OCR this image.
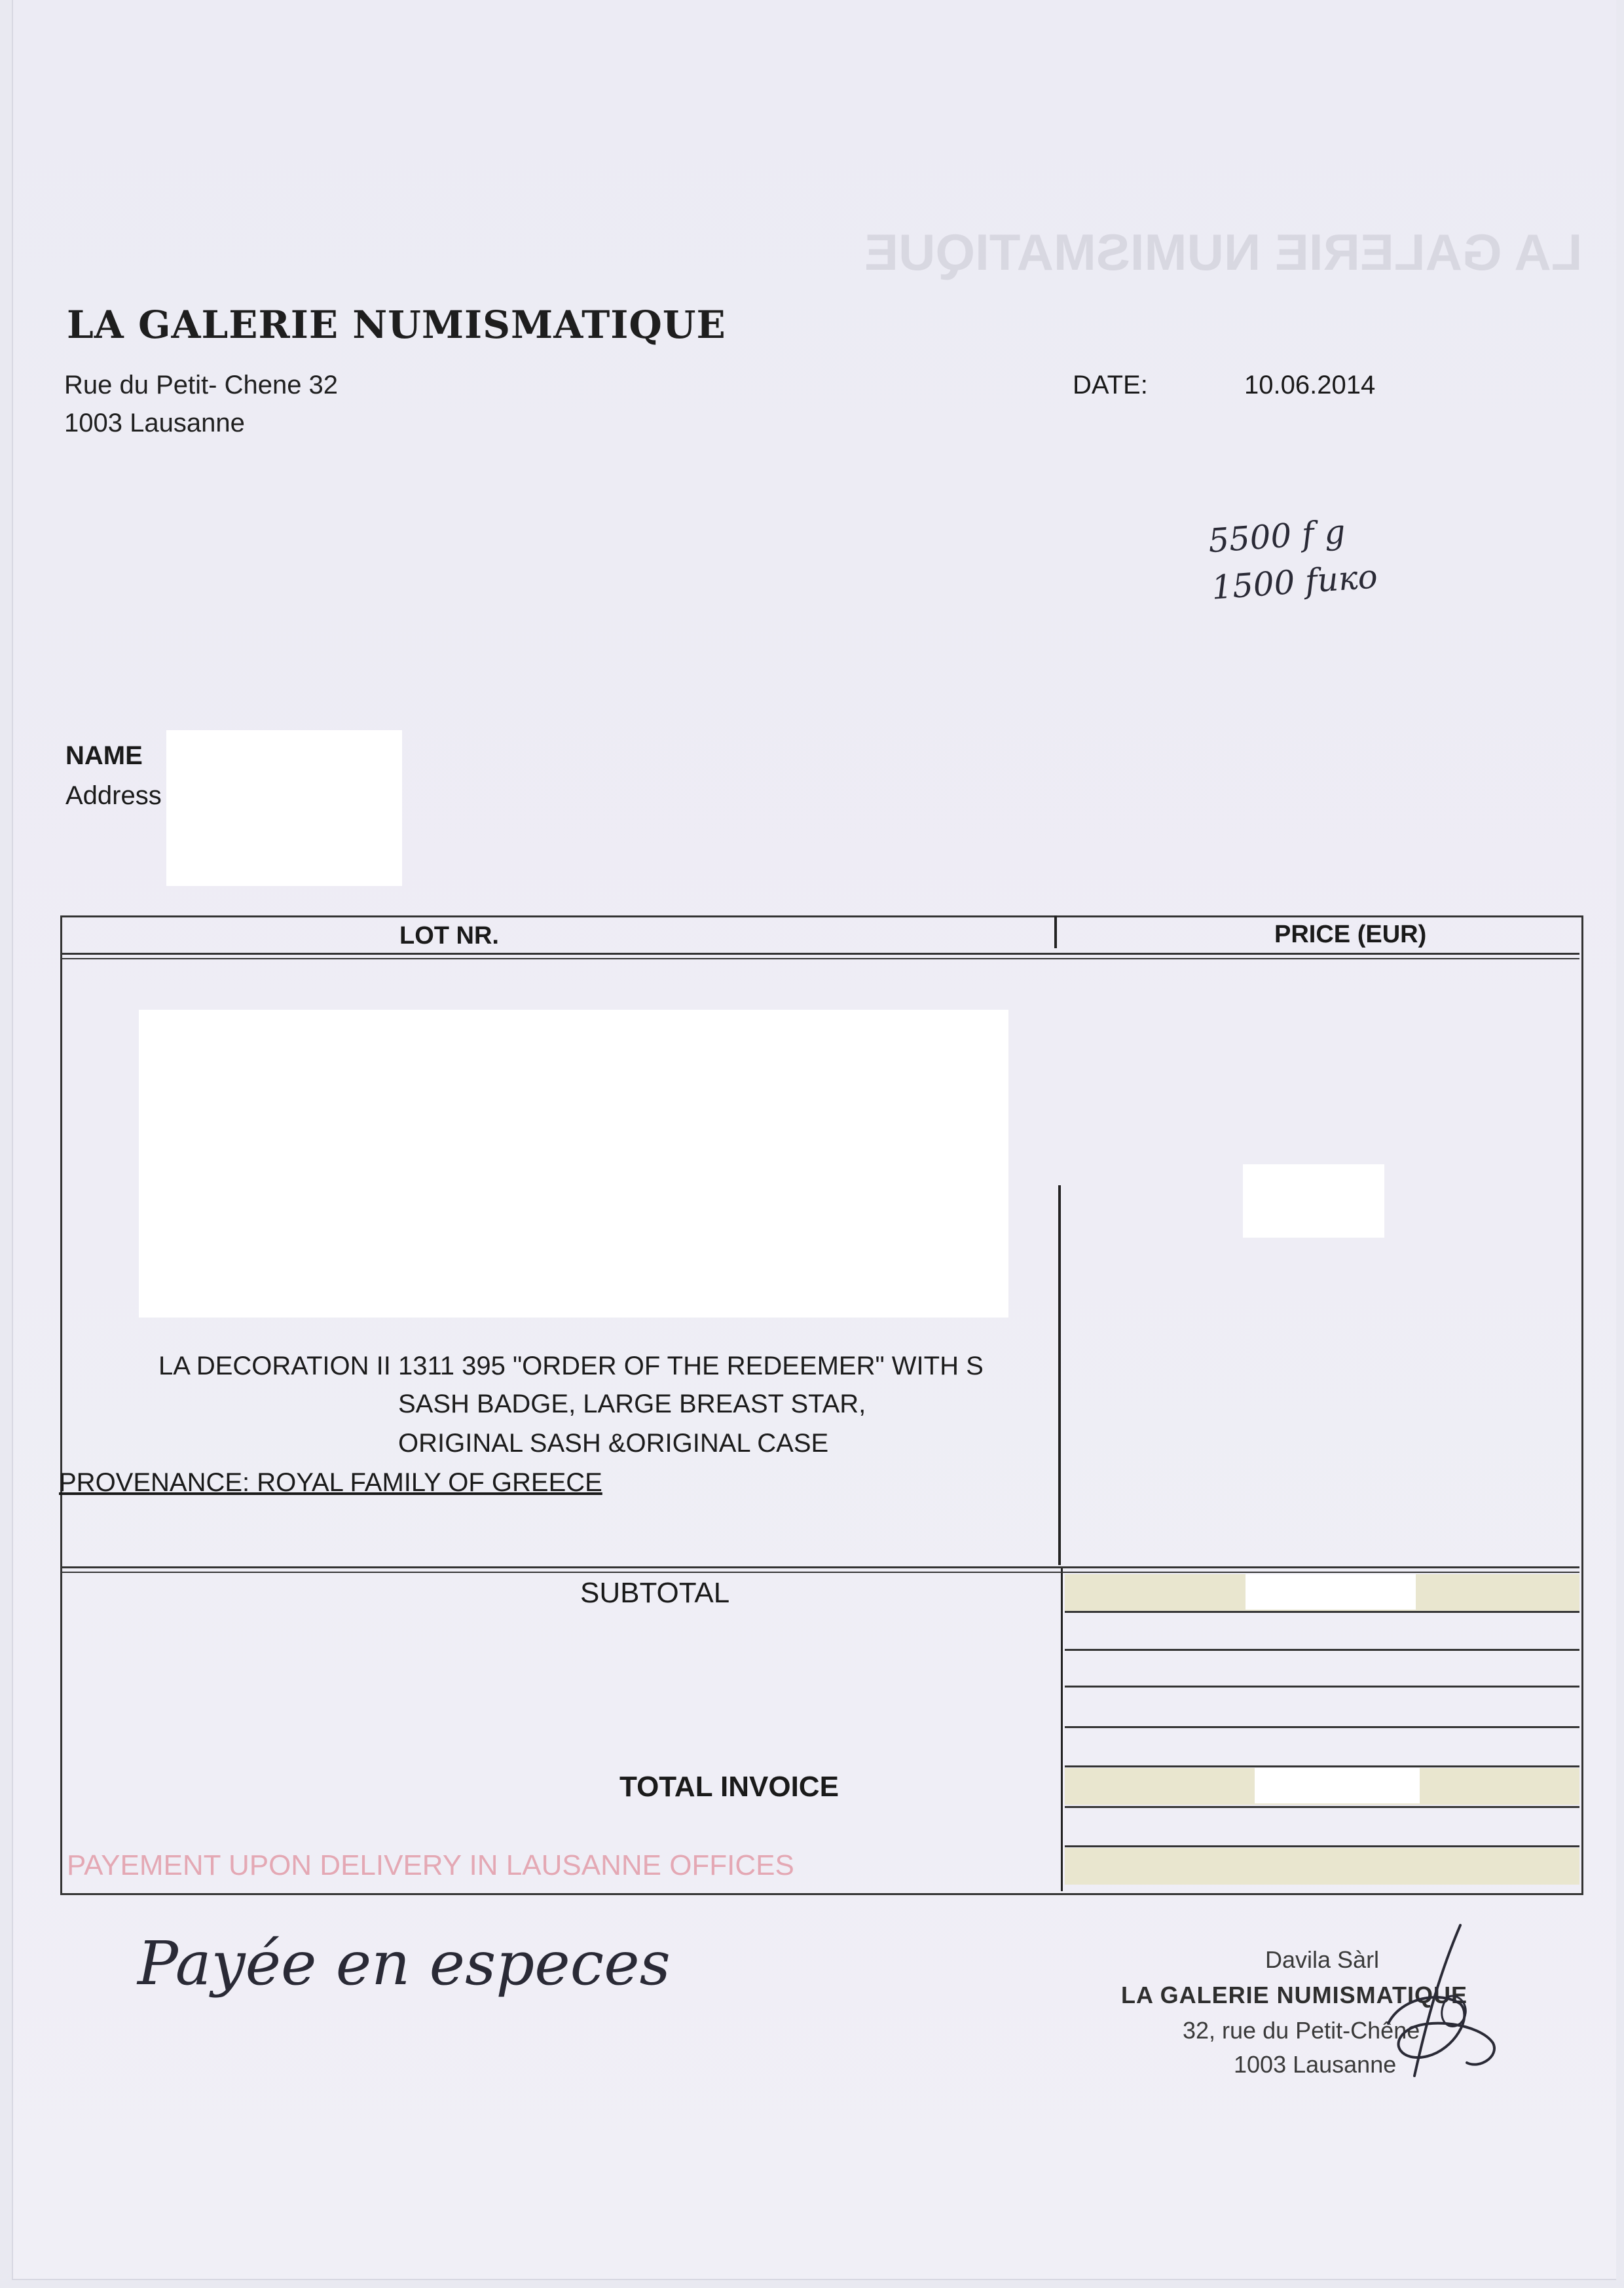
LA GALERIE NUMISMATIQUE
LA GALERIE NUMISMATIQUE
Rue du Petit- Chene 32
1003 Lausanne
DATE:	10.06.2014
5500 f g
1500 fuко
NAME
Address
LOT NR.	PRICE (EUR)
LA DECORATION II 1311 395 "ORDER OF THE REDEEMER" WITH S
SASH BADGE, LARGE BREAST STAR,
ORIGINAL SASH &ORIGINAL CASE
PROVENANCE: ROYAL FAMILY OF GREECE
SUBTOTAL
TOTAL INVOICE
PAYEMENT UPON DELIVERY IN LAUSANNE OFFICES
Payée en especes	Davila Sàrl
LA GALERIE NUMISMATIQUE
32, rue du Petit-Chêne
1003 Lausanne
